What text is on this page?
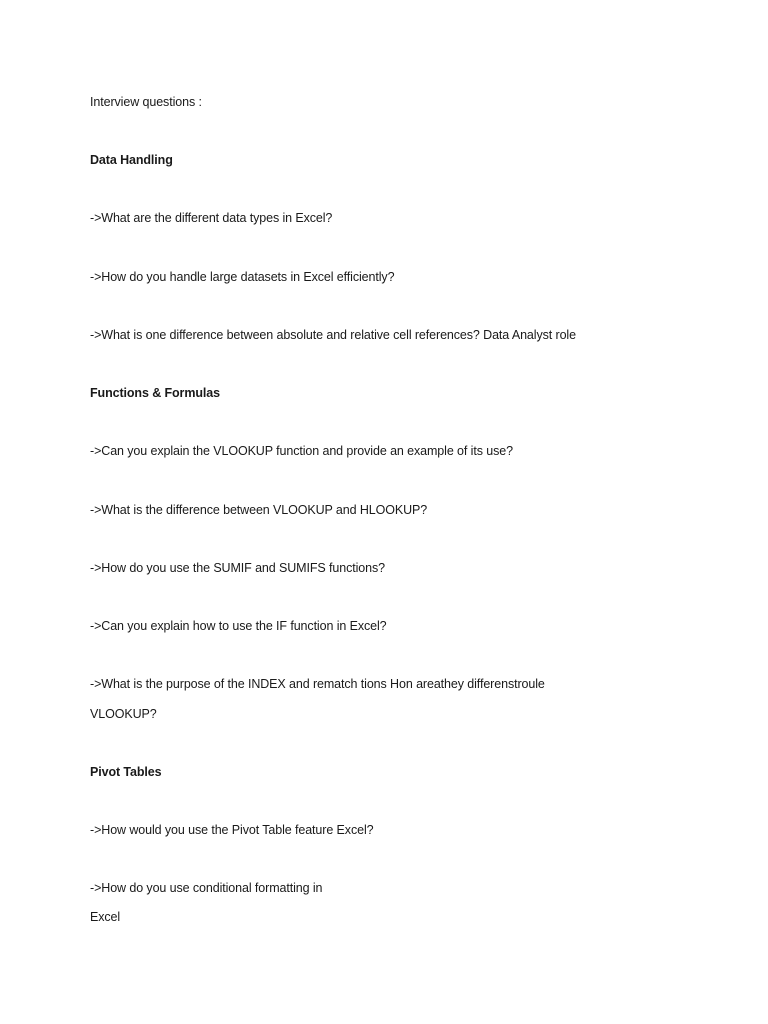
Interview questions :
Data Handling
->What are the different data types in Excel?
->How do you handle large datasets in Excel efficiently?
->What is one difference between absolute and relative cell references? Data Analyst role
Functions & Formulas
->Can you explain the VLOOKUP function and provide an example of its use?
->What is the difference between VLOOKUP and HLOOKUP?
->How do you use the SUMIF and SUMIFS functions?
->Can you explain how to use the IF function in Excel?
->What is the purpose of the INDEX and rematch tions Hon areathey differenstroule
VLOOKUP?
Pivot Tables
->How would you use the Pivot Table feature Excel?
->How do you use conditional formatting in
Excel
